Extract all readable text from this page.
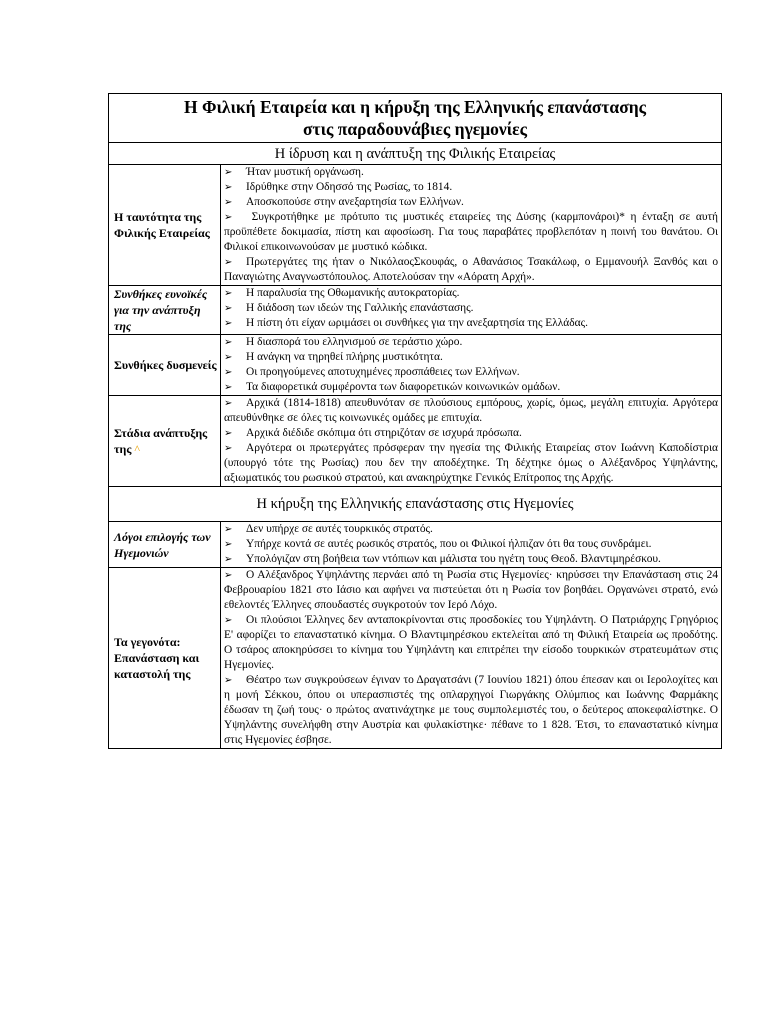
Η Φιλική Εταιρεία και η κήρυξη της Ελληνικής επανάστασης
στις παραδουνάβιες ηγεμονίες	

Η ίδρυση και η ανάπτυξη της Φιλικής Εταιρείας	
Η ταυτότητα της Φιλικής Εταιρείας	➢ Ήταν μυστική οργάνωση.
➢ Ιδρύθηκε στην Οδησσό της Ρωσίας, το 1814.
➢ Αποσκοπούσε στην ανεξαρτησία των Ελλήνων.
➢ Συγκροτήθηκε με πρότυπο τις μυστικές εταιρείες της Δύσης (καρμπονάροι)* η ένταξη σε αυτή προϋπέθετε δοκιμασία, πίστη και αφοσίωση. Για τους παραβάτες προβλεπόταν η ποινή του θανάτου. Οι Φιλικοί επικοινωνούσαν με μυστικό κώδικα.
➢ Πρωτεργάτες της ήταν ο ΝικόλαοςΣκουφάς, ο Αθανάσιος Τσακάλωφ, ο Εμμανουήλ Ξανθός και ο Παναγιώτης Αναγνωστόπουλος. Αποτελούσαν την «Αόρατη Αρχή».

Συνθήκες ευνοϊκές για την ανάπτυξη της	➢ Η παραλυσία της Οθωμανικής αυτοκρατορίας.
➢ Η διάδοση των ιδεών της Γαλλικής επανάστασης.
➢ Η πίστη ότι είχαν ωριμάσει οι συνθήκες για την ανεξαρτησία της Ελλάδας.

Συνθήκες δυσμενείς	➢ Η διασπορά του ελληνισμού σε τεράστιο χώρο.
➢ Η ανάγκη να τηρηθεί πλήρης μυστικότητα.
➢ Οι προηγούμενες αποτυχημένες προσπάθειες των Ελλήνων.
➢ Τα διαφορετικά συμφέροντα των διαφορετικών κοινωνικών ομάδων.

Στάδια ανάπτυξης της ^	➢ Αρχικά (1814-1818) απευθυνόταν σε πλούσιους εμπόρους, χωρίς, όμως, μεγάλη επιτυχία. Αργότερα απευθύνθηκε σε όλες τις κοινωνικές ομάδες με επιτυχία.
➢ Αρχικά διέδιδε σκόπιμα ότι στηριζόταν σε ισχυρά πρόσωπα.
➢ Αργότερα οι πρωτεργάτες πρόσφεραν την ηγεσία της Φιλικής Εταιρείας στον Ιωάννη Καποδίστρια (υπουργό τότε της Ρωσίας) που δεν την αποδέχτηκε. Τη δέχτηκε όμως ο Αλέξανδρος Υψηλάντης, αξιωματικός του ρωσικού στρατού, και ανακηρύχτηκε Γενικός Επίτροπος της Αρχής.

Η κήρυξη της Ελληνικής επανάστασης στις Ηγεμονίες	
Λόγοι επιλογής των Ηγεμονιών	➢ Δεν υπήρχε σε αυτές τουρκικός στρατός.
➢ Υπήρχε κοντά σε αυτές ρωσικός στρατός, που οι Φιλικοί ήλπιζαν ότι θα τους συνδράμει.
➢ Υπολόγιζαν στη βοήθεια των ντόπιων και μάλιστα του ηγέτη τους Θεοδ. Βλαντιμηρέσκου.

Τα γεγονότα: Επανάσταση και καταστολή της	➢ Ο Αλέξανδρος Υψηλάντης περνάει από τη Ρωσία στις Ηγεμονίες· κηρύσσει την Επανάσταση στις 24 Φεβρουαρίου 1821 στο Ιάσιο και αφήνει να πιστεύεται ότι η Ρωσία τον βοηθάει. Οργανώνει στρατό, ενώ εθελοντές Έλληνες σπουδαστές συγκροτούν τον Ιερό Λόχο.
➢ Οι πλούσιοι Έλληνες δεν ανταποκρίνονται στις προσδοκίες του Υψηλάντη. Ο Πατριάρχης Γρηγόριος Ε' αφορίζει το επαναστατικό κίνημα. Ο Βλαντιμηρέσκου εκτελείται από τη Φιλική Εταιρεία ως προδότης. Ο τσάρος αποκηρύσσει το κίνημα του Υψηλάντη και επιτρέπει την είσοδο τουρκικών στρατευμάτων στις Ηγεμονίες.
➢ Θέατρο των συγκρούσεων έγιναν το Δραγατσάνι (7 Ιουνίου 1821) όπου έπεσαν και οι Ιερολοχίτες και η μονή Σέκκου, όπου οι υπερασπιστές της οπλαρχηγοί Γιωργάκης Ολύμπιος και Ιωάννης Φαρμάκης έδωσαν τη ζωή τους· ο πρώτος ανατινάχτηκε με τους συμπολεμιστές του, ο δεύτερος αποκεφαλίστηκε. Ο Υψηλάντης συνελήφθη στην Αυστρία και φυλακίστηκε· πέθανε το 1 828. Έτσι, το επαναστατικό κίνημα στις Ηγεμονίες έσβησε.
